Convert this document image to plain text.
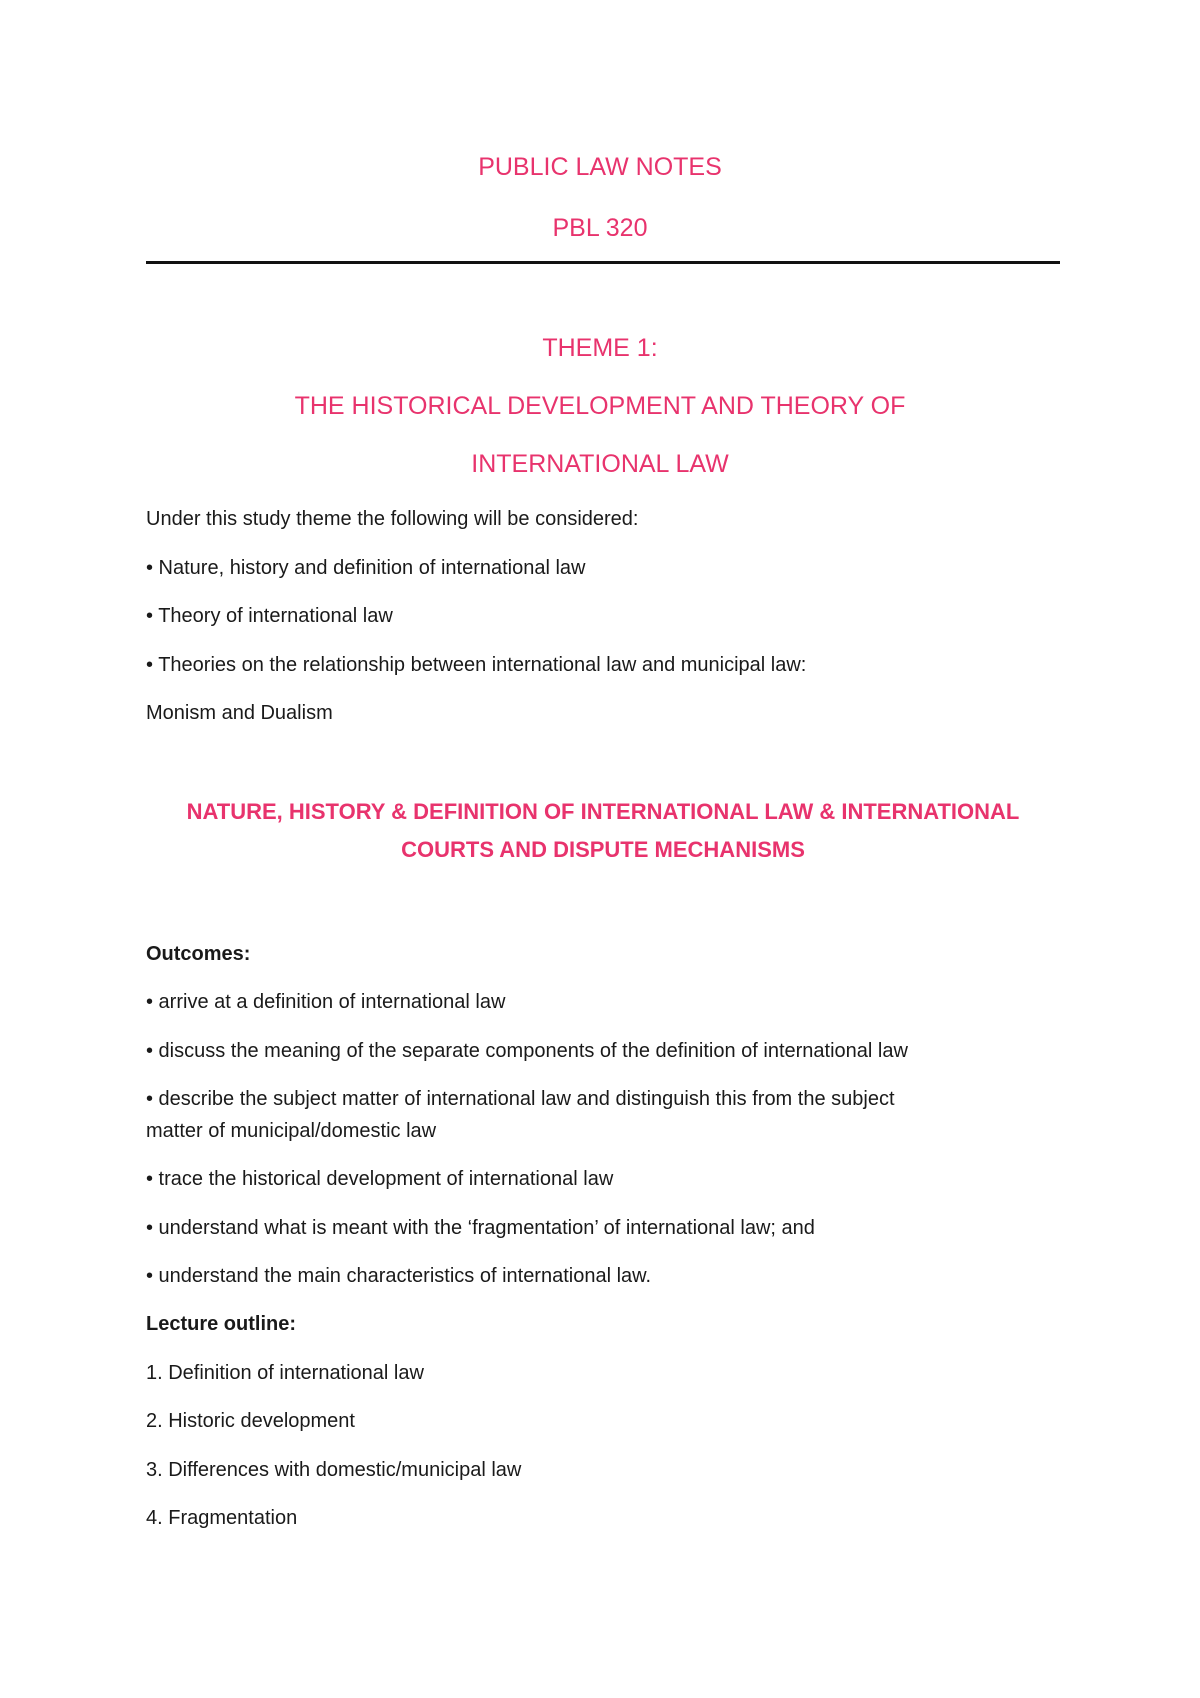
PUBLIC LAW NOTES
PBL 320
THEME 1:
THE HISTORICAL DEVELOPMENT AND THEORY OF
INTERNATIONAL LAW
Under this study theme the following will be considered:
• Nature, history and definition of international law
• Theory of international law
• Theories on the relationship between international law and municipal law:
Monism and Dualism
NATURE, HISTORY & DEFINITION OF INTERNATIONAL LAW & INTERNATIONAL
COURTS AND DISPUTE MECHANISMS
Outcomes:
• arrive at a definition of international law
• discuss the meaning of the separate components of the definition of international law
• describe the subject matter of international law and distinguish this from the subject
matter of municipal/domestic law
• trace the historical development of international law
• understand what is meant with the ‘fragmentation’ of international law; and
• understand the main characteristics of international law.
Lecture outline:
1. Definition of international law
2. Historic development
3. Differences with domestic/municipal law
4. Fragmentation
